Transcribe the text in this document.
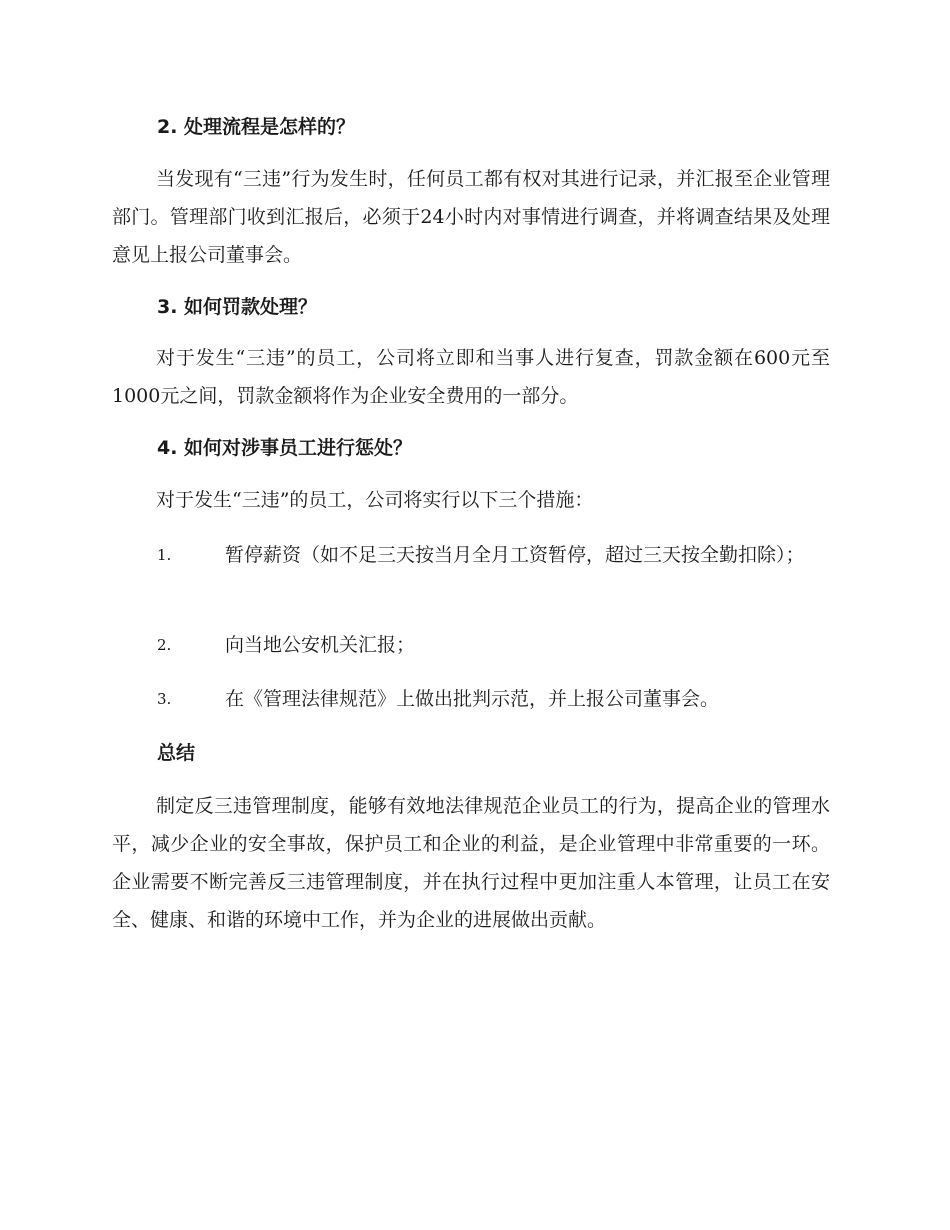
2. 处理流程是怎样的？
当发现有“三违”行为发生时，任何员工都有权对其进行记录，并汇报至企业管理部门。管理部门收到汇报后，必须于24小时内对事情进行调查，并将调查结果及处理意见上报公司董事会。
3. 如何罚款处理？
对于发生“三违”的员工，公司将立即和当事人进行复查，罚款金额在600元至1000元之间，罚款金额将作为企业安全费用的一部分。
4. 如何对涉事员工进行惩处？
对于发生“三违”的员工，公司将实行以下三个措施：
1.	暂停薪资（如不足三天按当月全月工资暂停，超过三天按全勤扣除）；
2.	向当地公安机关汇报；
3.	在《管理法律规范》上做出批判示范，并上报公司董事会。
总结
制定反三违管理制度，能够有效地法律规范企业员工的行为，提高企业的管理水平，减少企业的安全事故，保护员工和企业的利益，是企业管理中非常重要的一环。企业需要不断完善反三违管理制度，并在执行过程中更加注重人本管理，让员工在安全、健康、和谐的环境中工作，并为企业的进展做出贡献。
